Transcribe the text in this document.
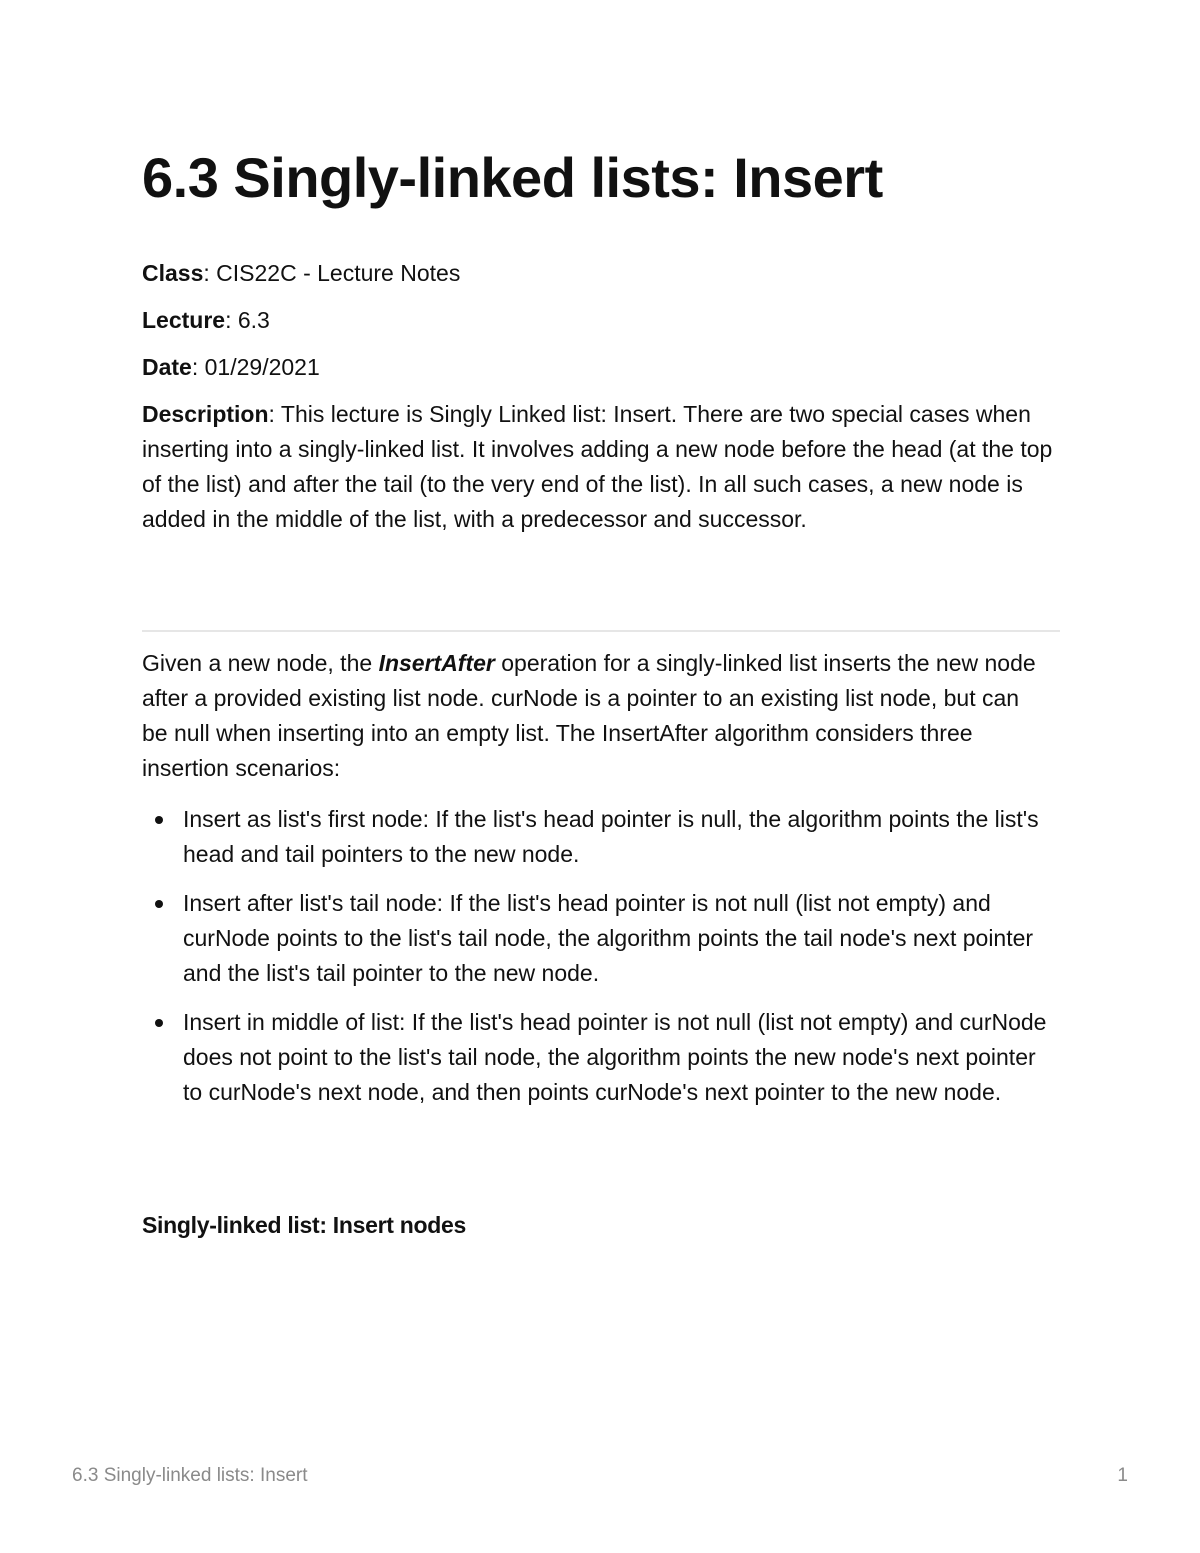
6.3 Singly-linked lists: Insert

Class: CIS22C - Lecture Notes

Lecture: 6.3

Date: 01/29/2021

Description: This lecture is Singly Linked list: Insert. There are two special cases when inserting into a singly-linked list. It involves adding a new node before the head (at the top of the list) and after the tail (to the very end of the list). In all such cases, a new node is added in the middle of the list, with a predecessor and successor.

Given a new node, the InsertAfter operation for a singly-linked list inserts the new node after a provided existing list node. curNode is a pointer to an existing list node, but can be null when inserting into an empty list. The InsertAfter algorithm considers three insertion scenarios:

Insert as list's first node: If the list's head pointer is null, the algorithm points the list's head and tail pointers to the new node.
Insert after list's tail node: If the list's head pointer is not null (list not empty) and curNode points to the list's tail node, the algorithm points the tail node's next pointer and the list's tail pointer to the new node.
Insert in middle of list: If the list's head pointer is not null (list not empty) and curNode does not point to the list's tail node, the algorithm points the new node's next pointer to curNode's next node, and then points curNode's next pointer to the new node.

Singly-linked list: Insert nodes

6.3 Singly-linked lists: Insert	1
